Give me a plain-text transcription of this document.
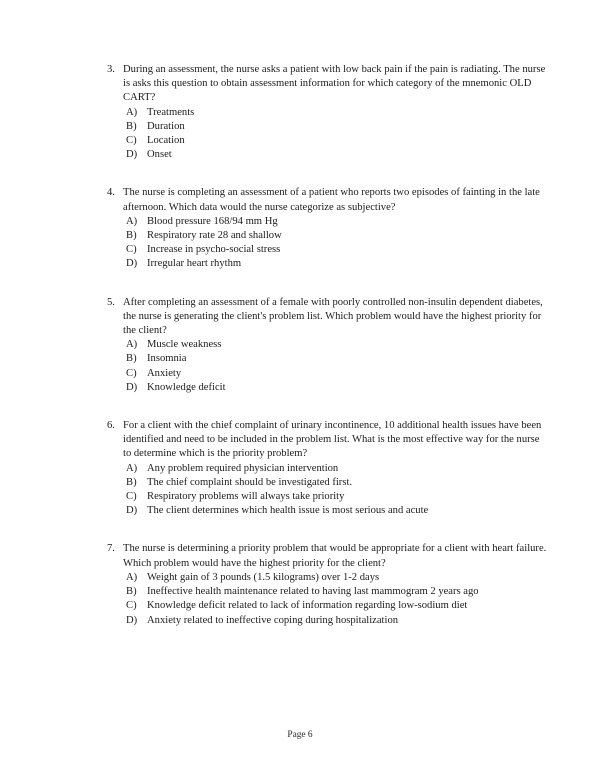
3. During an assessment, the nurse asks a patient with low back pain if the pain is radiating. The nurse is asks this question to obtain assessment information for which category of the mnemonic OLD CART?
A) Treatments
B) Duration
C) Location
D) Onset
4. The nurse is completing an assessment of a patient who reports two episodes of fainting in the late afternoon. Which data would the nurse categorize as subjective?
A) Blood pressure 168/94 mm Hg
B) Respiratory rate 28 and shallow
C) Increase in psycho-social stress
D) Irregular heart rhythm
5. After completing an assessment of a female with poorly controlled non-insulin dependent diabetes, the nurse is generating the client's problem list. Which problem would have the highest priority for the client?
A) Muscle weakness
B) Insomnia
C) Anxiety
D) Knowledge deficit
6. For a client with the chief complaint of urinary incontinence, 10 additional health issues have been identified and need to be included in the problem list. What is the most effective way for the nurse to determine which is the priority problem?
A) Any problem required physician intervention
B) The chief complaint should be investigated first.
C) Respiratory problems will always take priority
D) The client determines which health issue is most serious and acute
7. The nurse is determining a priority problem that would be appropriate for a client with heart failure. Which problem would have the highest priority for the client?
A) Weight gain of 3 pounds (1.5 kilograms) over 1-2 days
B) Ineffective health maintenance related to having last mammogram 2 years ago
C) Knowledge deficit related to lack of information regarding low-sodium diet
D) Anxiety related to ineffective coping during hospitalization
Page 6
